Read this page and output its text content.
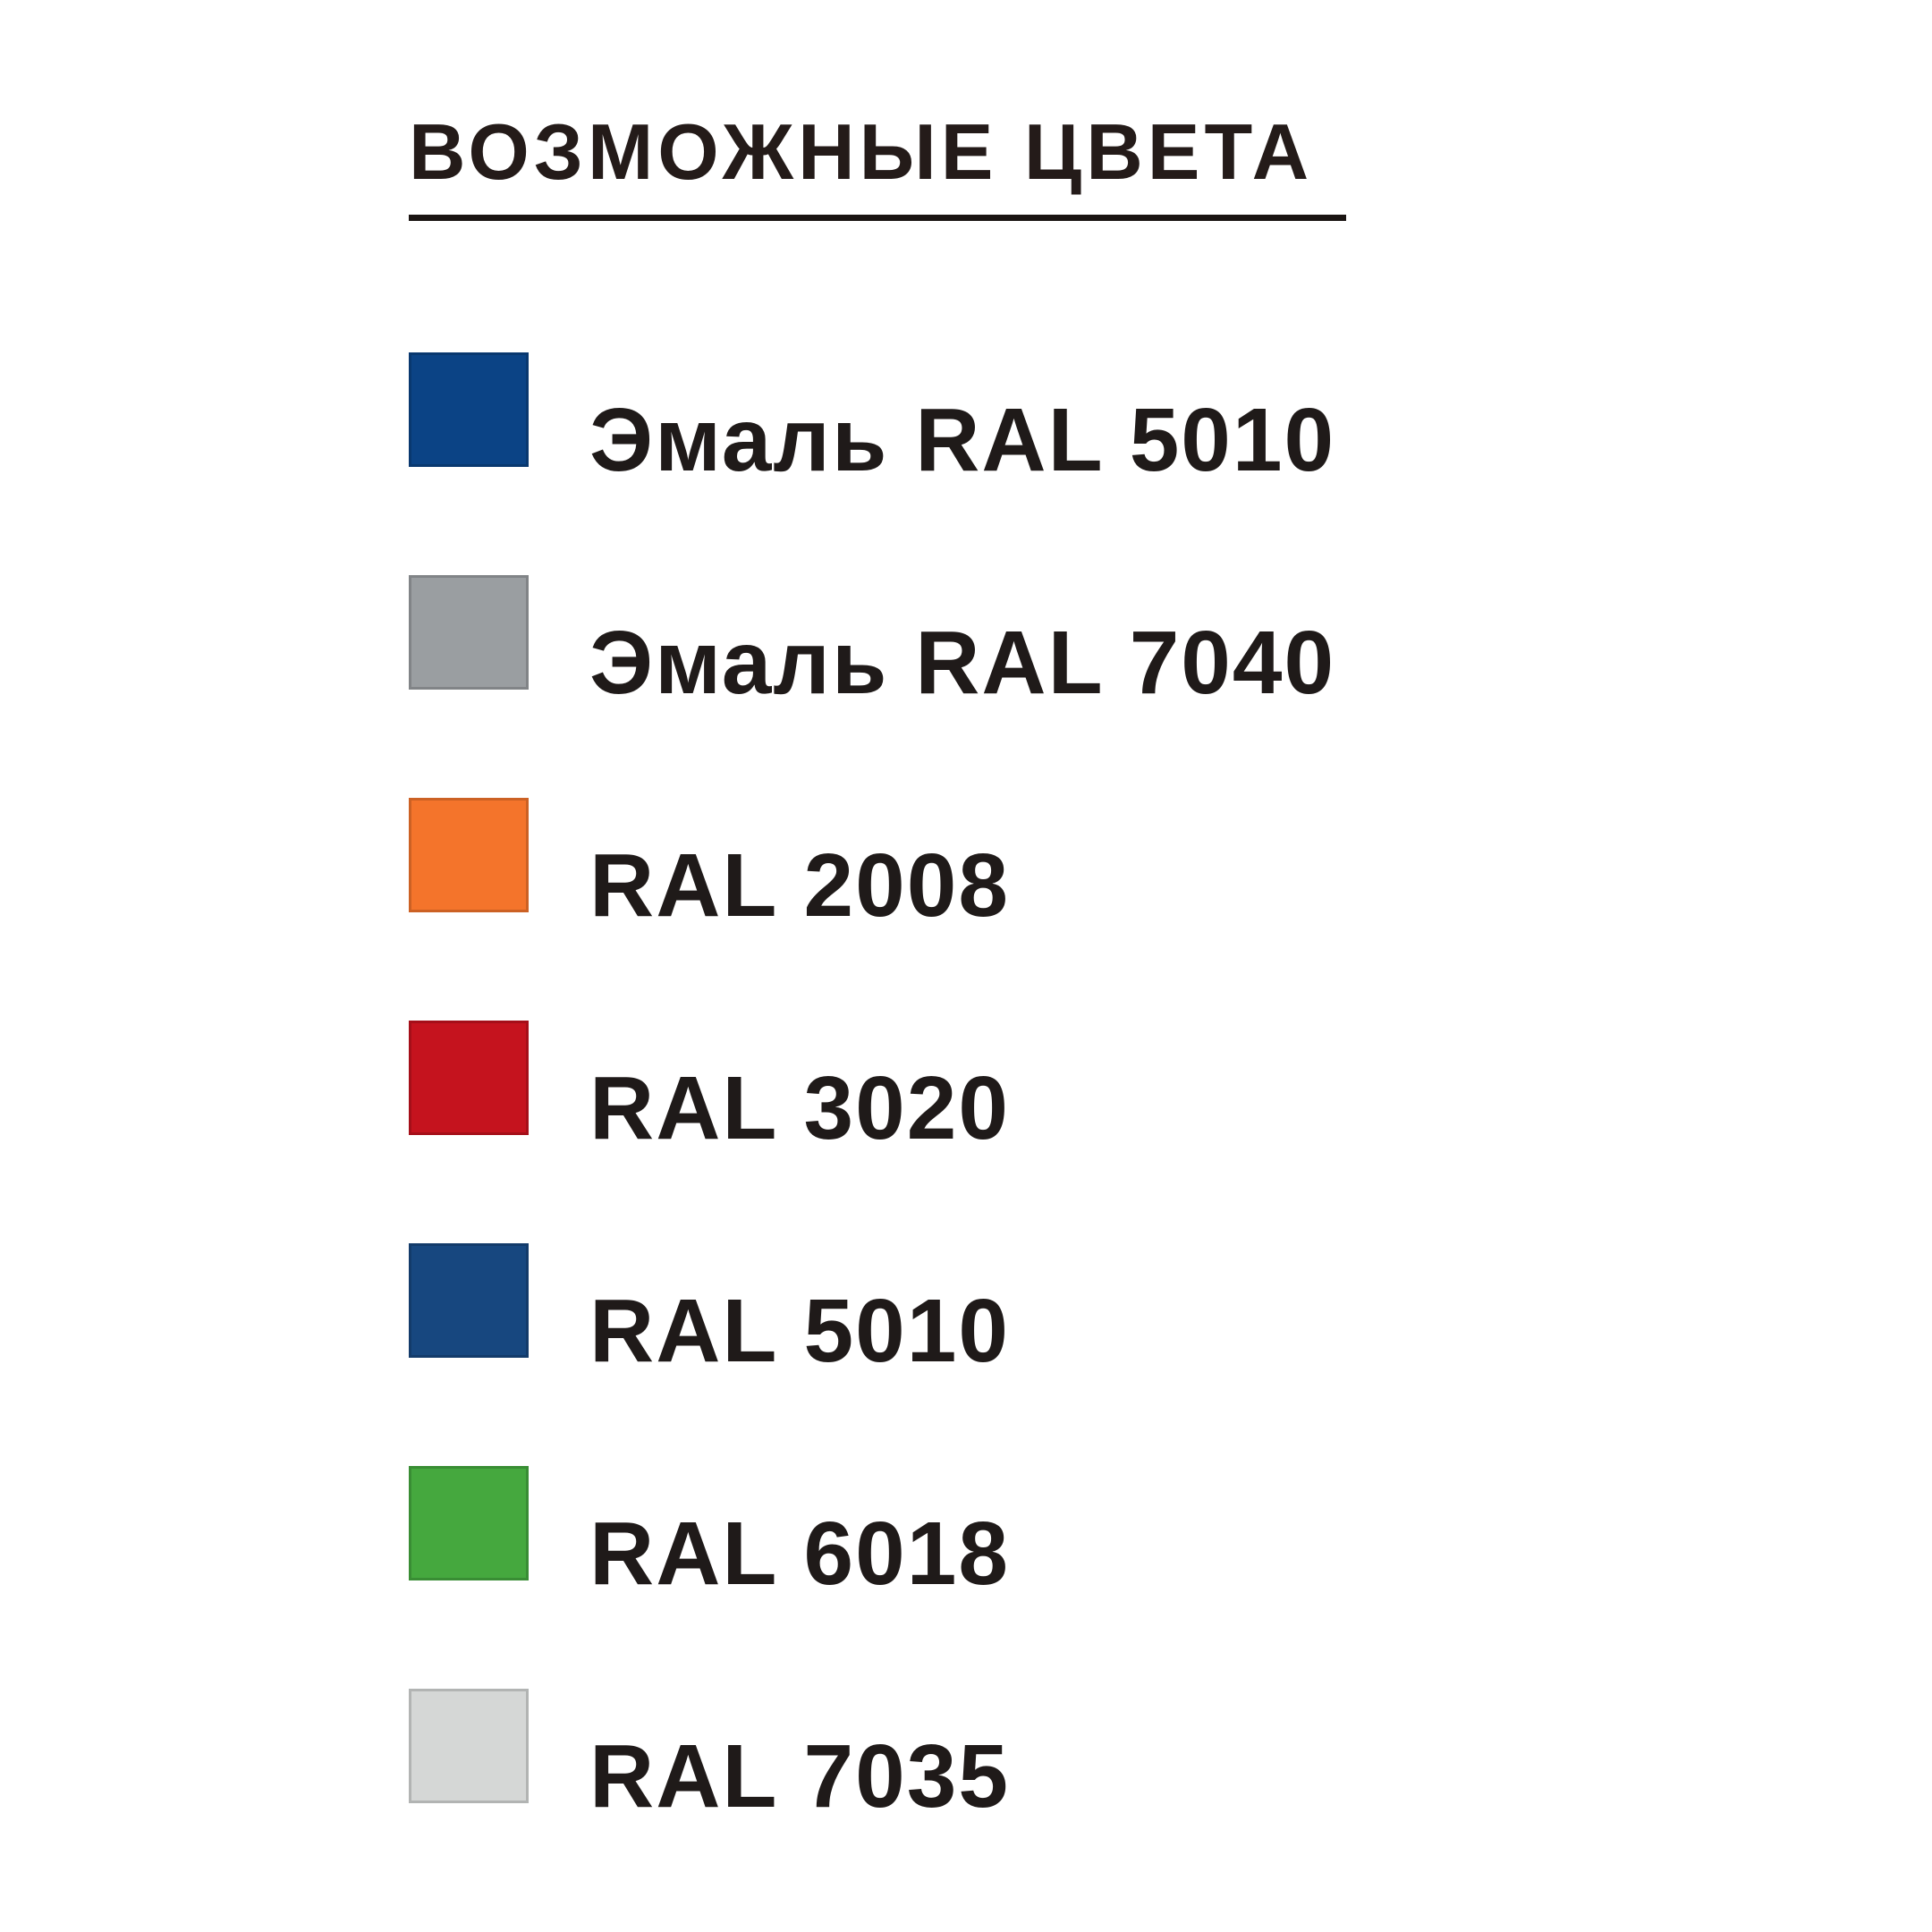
ВОЗМОЖНЫЕ ЦВЕТА
Эмаль RAL 5010
Эмаль RAL 7040
RAL 2008
RAL 3020
RAL 5010
RAL 6018
RAL 7035
